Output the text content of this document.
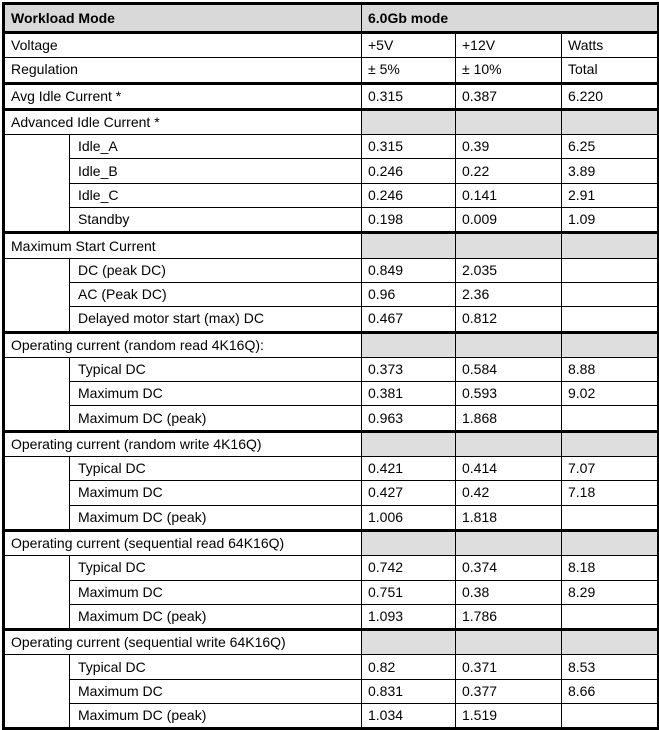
Workload Mode		6.0Gb mode		
Voltage		+5V	+12V	Watts
Regulation		± 5%	± 10%	Total
Avg Idle Current *		0.315	0.387	6.220
Advanced Idle Current *				
	Idle_A	0.315	0.39	6.25
	Idle_B	0.246	0.22	3.89
	Idle_C	0.246	0.141	2.91
	Standby	0.198	0.009	1.09
Maximum Start Current				
	DC (peak DC)	0.849	2.035	
	AC (Peak DC)	0.96	2.36	
	Delayed motor start (max) DC	0.467	0.812	
Operating current (random read 4K16Q):				
	Typical DC	0.373	0.584	8.88
	Maximum DC	0.381	0.593	9.02
	Maximum DC (peak)	0.963	1.868	
Operating current (random write 4K16Q)				
	Typical DC	0.421	0.414	7.07
	Maximum DC	0.427	0.42	7.18
	Maximum DC (peak)	1.006	1.818	
Operating current (sequential read 64K16Q)				
	Typical DC	0.742	0.374	8.18
	Maximum DC	0.751	0.38	8.29
	Maximum DC (peak)	1.093	1.786	
Operating current (sequential write 64K16Q)				
	Typical DC	0.82	0.371	8.53
	Maximum DC	0.831	0.377	8.66
	Maximum DC (peak)	1.034	1.519	
